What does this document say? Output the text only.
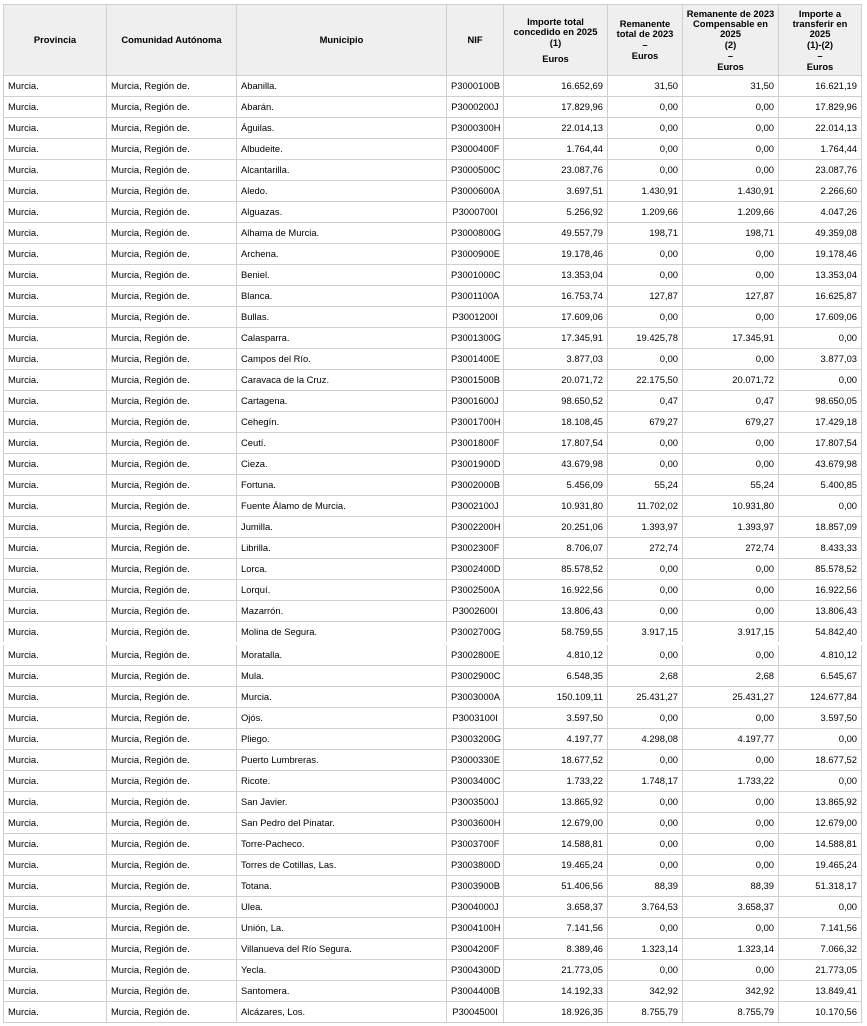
Provincia	Comunidad Autónoma	Municipio	NIF	Importe total concedido en 2025
(1)
Euros	Remanente total de 2023
–
Euros	Remanente de 2023 Compensable en 2025
(2)
–
Euros	Importe a transferir en 2025
(1)-(2)
–
Euros

Murcia.	Murcia, Región de.	Abanilla.	P3000100B	16.652,69	31,50	31,50	16.621,19
Murcia.	Murcia, Región de.	Abarán.	P3000200J	17.829,96	0,00	0,00	17.829,96
Murcia.	Murcia, Región de.	Águilas.	P3000300H	22.014,13	0,00	0,00	22.014,13
Murcia.	Murcia, Región de.	Albudeite.	P3000400F	1.764,44	0,00	0,00	1.764,44
Murcia.	Murcia, Región de.	Alcantarilla.	P3000500C	23.087,76	0,00	0,00	23.087,76
Murcia.	Murcia, Región de.	Aledo.	P3000600A	3.697,51	1.430,91	1.430,91	2.266,60
Murcia.	Murcia, Región de.	Alguazas.	P3000700I	5.256,92	1.209,66	1.209,66	4.047,26
Murcia.	Murcia, Región de.	Alhama de Murcia.	P3000800G	49.557,79	198,71	198,71	49.359,08
Murcia.	Murcia, Región de.	Archena.	P3000900E	19.178,46	0,00	0,00	19.178,46
Murcia.	Murcia, Región de.	Beniel.	P3001000C	13.353,04	0,00	0,00	13.353,04
Murcia.	Murcia, Región de.	Blanca.	P3001100A	16.753,74	127,87	127,87	16.625,87
Murcia.	Murcia, Región de.	Bullas.	P3001200I	17.609,06	0,00	0,00	17.609,06
Murcia.	Murcia, Región de.	Calasparra.	P3001300G	17.345,91	19.425,78	17.345,91	0,00
Murcia.	Murcia, Región de.	Campos del Río.	P3001400E	3.877,03	0,00	0,00	3.877,03
Murcia.	Murcia, Región de.	Caravaca de la Cruz.	P3001500B	20.071,72	22.175,50	20.071,72	0,00
Murcia.	Murcia, Región de.	Cartagena.	P3001600J	98.650,52	0,47	0,47	98.650,05
Murcia.	Murcia, Región de.	Cehegín.	P3001700H	18.108,45	679,27	679,27	17.429,18
Murcia.	Murcia, Región de.	Ceutí.	P3001800F	17.807,54	0,00	0,00	17.807,54
Murcia.	Murcia, Región de.	Cieza.	P3001900D	43.679,98	0,00	0,00	43.679,98
Murcia.	Murcia, Región de.	Fortuna.	P3002000B	5.456,09	55,24	55,24	5.400,85
Murcia.	Murcia, Región de.	Fuente Álamo de Murcia.	P3002100J	10.931,80	11.702,02	10.931,80	0,00
Murcia.	Murcia, Región de.	Jumilla.	P3002200H	20.251,06	1.393,97	1.393,97	18.857,09
Murcia.	Murcia, Región de.	Librilla.	P3002300F	8.706,07	272,74	272,74	8.433,33
Murcia.	Murcia, Región de.	Lorca.	P3002400D	85.578,52	0,00	0,00	85.578,52
Murcia.	Murcia, Región de.	Lorquí.	P3002500A	16.922,56	0,00	0,00	16.922,56
Murcia.	Murcia, Región de.	Mazarrón.	P3002600I	13.806,43	0,00	0,00	13.806,43
Murcia.	Murcia, Región de.	Molina de Segura.	P3002700G	58.759,55	3.917,15	3.917,15	54.842,40
Murcia.	Murcia, Región de.	Moratalla.	P3002800E	4.810,12	0,00	0,00	4.810,12
Murcia.	Murcia, Región de.	Mula.	P3002900C	6.548,35	2,68	2,68	6.545,67
Murcia.	Murcia, Región de.	Murcia.	P3003000A	150.109,11	25.431,27	25.431,27	124.677,84
Murcia.	Murcia, Región de.	Ojós.	P3003100I	3.597,50	0,00	0,00	3.597,50
Murcia.	Murcia, Región de.	Pliego.	P3003200G	4.197,77	4.298,08	4.197,77	0,00
Murcia.	Murcia, Región de.	Puerto Lumbreras.	P3000330E	18.677,52	0,00	0,00	18.677,52
Murcia.	Murcia, Región de.	Ricote.	P3003400C	1.733,22	1.748,17	1.733,22	0,00
Murcia.	Murcia, Región de.	San Javier.	P3003500J	13.865,92	0,00	0,00	13.865,92
Murcia.	Murcia, Región de.	San Pedro del Pinatar.	P3003600H	12.679,00	0,00	0,00	12.679,00
Murcia.	Murcia, Región de.	Torre-Pacheco.	P3003700F	14.588,81	0,00	0,00	14.588,81
Murcia.	Murcia, Región de.	Torres de Cotillas, Las.	P3003800D	19.465,24	0,00	0,00	19.465,24
Murcia.	Murcia, Región de.	Totana.	P3003900B	51.406,56	88,39	88,39	51.318,17
Murcia.	Murcia, Región de.	Ulea.	P3004000J	3.658,37	3.764,53	3.658,37	0,00
Murcia.	Murcia, Región de.	Unión, La.	P3004100H	7.141,56	0,00	0,00	7.141,56
Murcia.	Murcia, Región de.	Villanueva del Río Segura.	P3004200F	8.389,46	1.323,14	1.323,14	7.066,32
Murcia.	Murcia, Región de.	Yecla.	P3004300D	21.773,05	0,00	0,00	21.773,05
Murcia.	Murcia, Región de.	Santomera.	P3004400B	14.192,33	342,92	342,92	13.849,41
Murcia.	Murcia, Región de.	Alcázares, Los.	P3004500I	18.926,35	8.755,79	8.755,79	10.170,56
